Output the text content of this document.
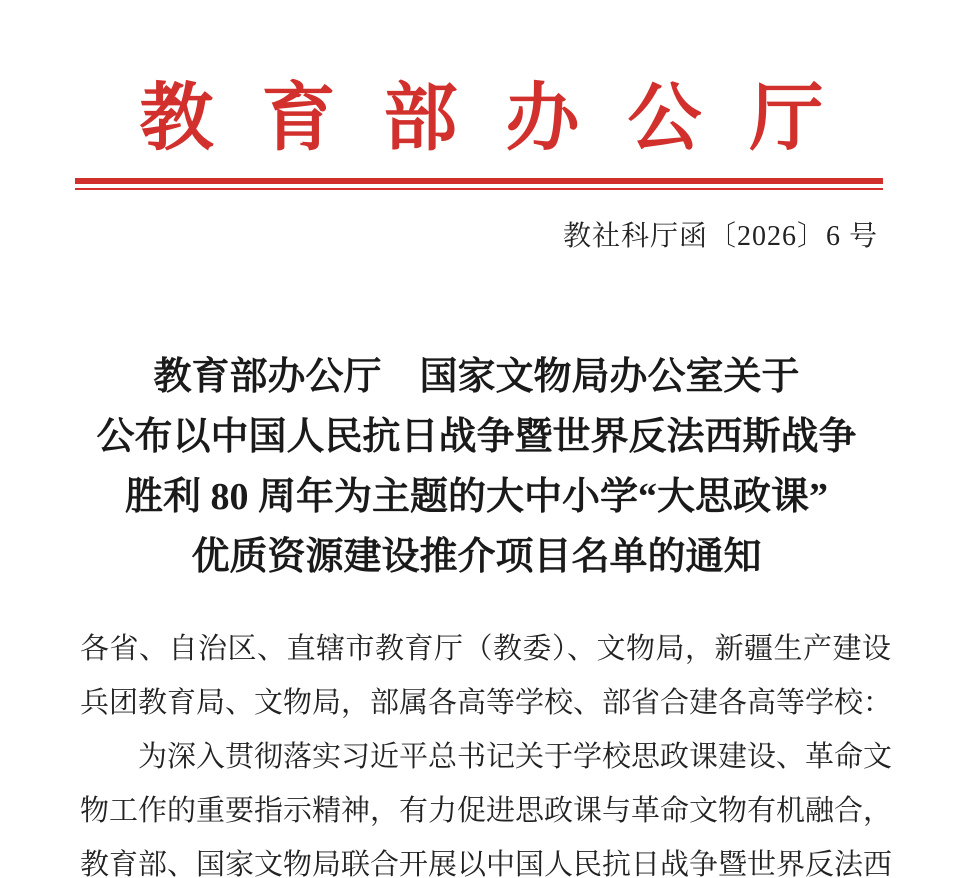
教育部办公厅
教社科厅函〔2026〕6 号
教育部办公厅　国家文物局办公室关于
公布以中国人民抗日战争暨世界反法西斯战争
胜利 80 周年为主题的大中小学“大思政课”
优质资源建设推介项目名单的通知
各省、自治区、直辖市教育厅（教委）、文物局，新疆生产建设
兵团教育局、文物局，部属各高等学校、部省合建各高等学校：
　　为深入贯彻落实习近平总书记关于学校思政课建设、革命文
物工作的重要指示精神，有力促进思政课与革命文物有机融合，
教育部、国家文物局联合开展以中国人民抗日战争暨世界反法西
